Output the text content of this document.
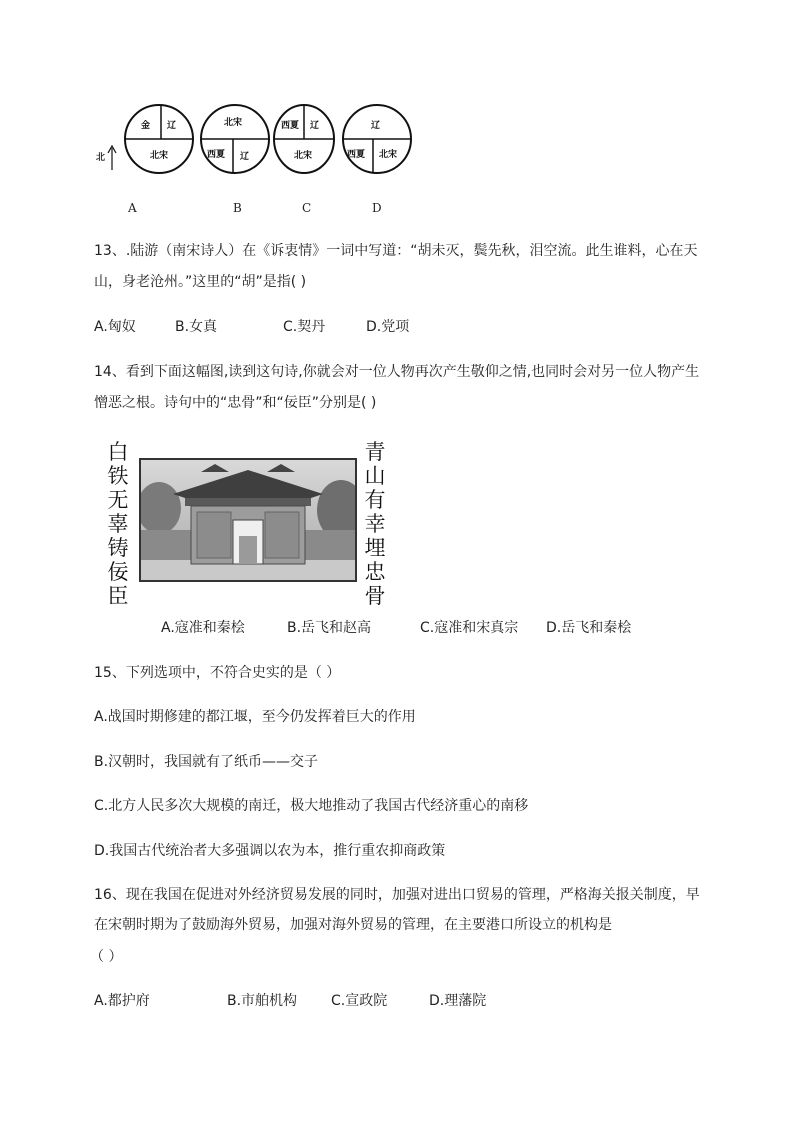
北
金 辽
北宋
北宋
西夏 辽
西夏 辽
北宋
辽
西夏 北宋
A	B	C	D
13、.陆游（南宋诗人）在《诉衷情》一词中写道：“胡未灭，鬓先秋，泪空流。此生谁料，心在天
山，身老沧州。”这里的“胡”是指( )
A.匈奴	B.女真	C.契丹	D.党项
14、看到下面这幅图,读到这句诗,你就会对一位人物再次产生敬仰之情,也同时会对另一位人物产生
憎恶之根。诗句中的“忠骨”和“佞臣”分别是( )
白
铁
无
辜
铸
佞
臣
青
山
有
幸
埋
忠
骨
A.寇准和秦桧	B.岳飞和赵高	C.寇准和宋真宗 D.岳飞和秦桧
15、下列选项中，不符合史实的是（ ）
A.战国时期修建的都江堰，至今仍发挥着巨大的作用
B.汉朝时，我国就有了纸币——交子
C.北方人民多次大规模的南迁，极大地推动了我国古代经济重心的南移
D.我国古代统治者大多强调以农为本，推行重农抑商政策
16、现在我国在促进对外经济贸易发展的同时，加强对进出口贸易的管理，严格海关报关制度，早
在宋朝时期为了鼓励海外贸易，加强对海外贸易的管理，在主要港口所设立的机构是
（ ）
A.都护府	B.市舶机构 C.宣政院	D.理藩院
